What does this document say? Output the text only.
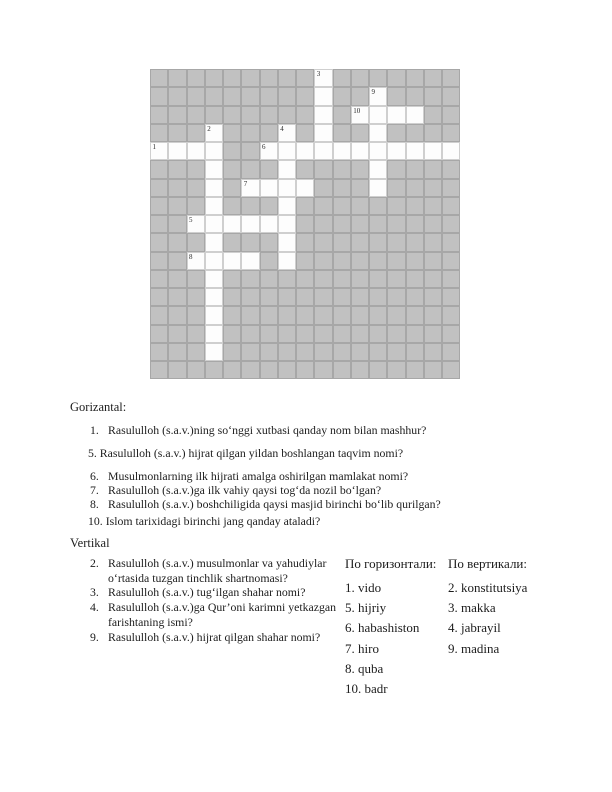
3
9
10
2	4
1	6
7
5
8
Gorizantal:
1. Rasululloh (s.a.v.)ning so‘nggi xutbasi qanday nom bilan mashhur?
5. Rasululloh (s.a.v.) hijrat qilgan yildan boshlangan taqvim nomi?
6. Musulmonlarning ilk hijrati amalga oshirilgan mamlakat nomi?
7. Rasululloh (s.a.v.)ga ilk vahiy qaysi tog‘da nozil bo‘lgan?
8. Rasululloh (s.a.v.) boshchiligida qaysi masjid birinchi bo‘lib qurilgan?
10. Islom tarixidagi birinchi jang qanday ataladi?
Vertikal
2. Rasululloh (s.a.v.) musulmonlar va yahudiylar o‘rtasida tuzgan tinchlik shartnomasi?
3. Rasululloh (s.a.v.) tug‘ilgan shahar nomi?
4. Rasululloh (s.a.v.)ga Qur’oni karimni yetkazgan farishtaning ismi?
9. Rasululloh (s.a.v.) hijrat qilgan shahar nomi?
По горизонтали:
1. vido
5. hijriy
6. habashiston
7. hiro
8. quba
10. badr
По вертикали:
2. konstitutsiya
3. makka
4. jabrayil
9. madina
